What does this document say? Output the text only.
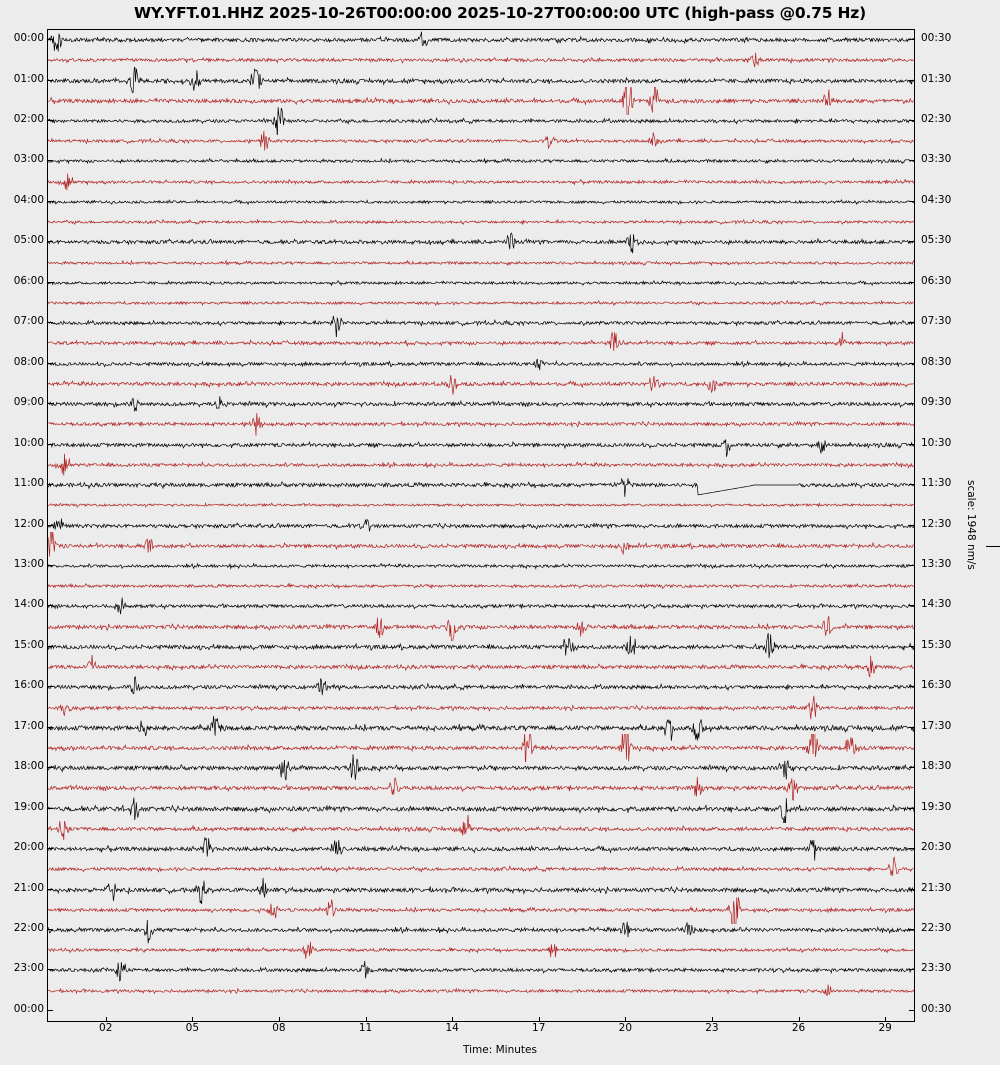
WY.YFT.01.HHZ 2025-10-26T00:00:00 2025-10-27T00:00:00 UTC (high-pass @0.75 Hz)
scale: 1948 nm/s
Time: Minutes
00:00
01:00
02:00
03:00
04:00
05:00
06:00
07:00
08:00
09:00
10:00
11:00
12:00
13:00
14:00
15:00
16:00
17:00
18:00
19:00
20:00
21:00
22:00
23:00
00:00
00:30
01:30
02:30
03:30
04:30
05:30
06:30
07:30
08:30
09:30
10:30
11:30
12:30
13:30
14:30
15:30
16:30
17:30
18:30
19:30
20:30
21:30
22:30
23:30
00:30
02	05	08	11	14	17	20	23	26	29
